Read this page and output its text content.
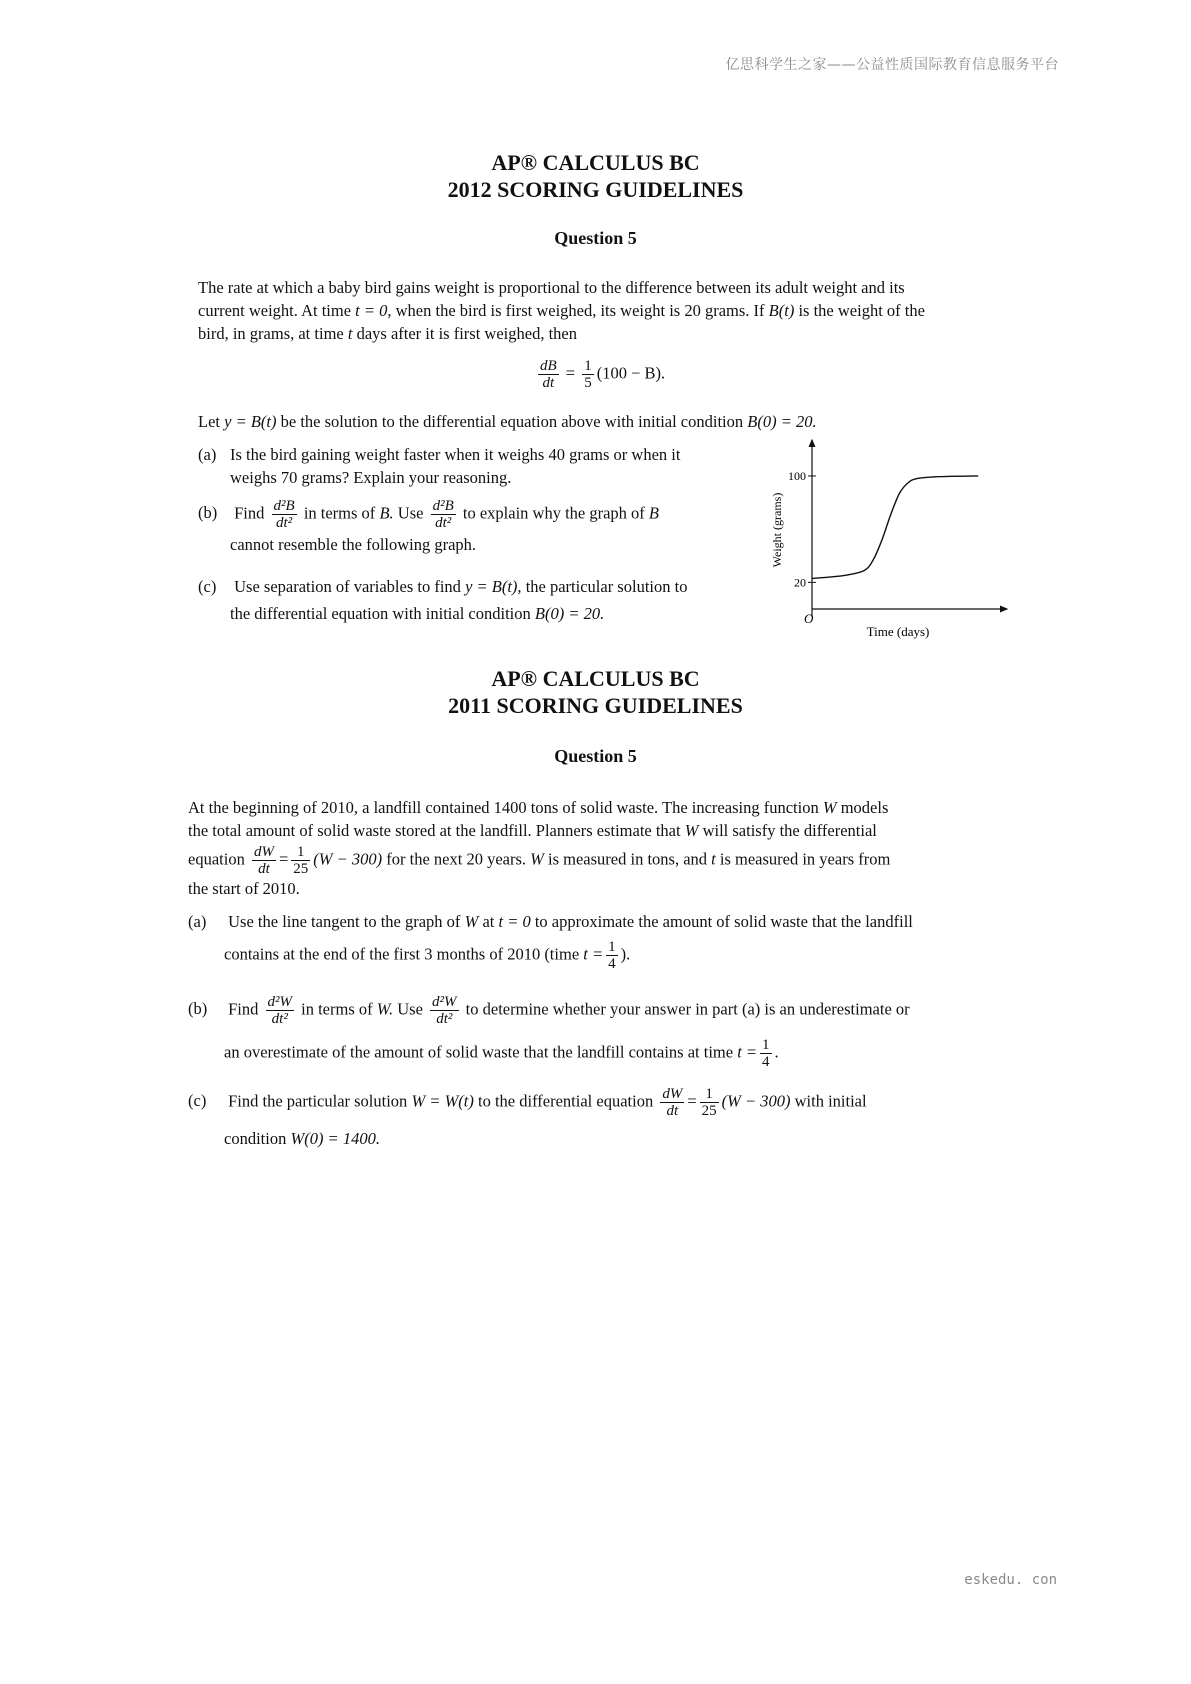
亿思科学生之家——公益性质国际教育信息服务平台
eskedu. con
AP® CALCULUS BC
2012 SCORING GUIDELINES
Question 5
The rate at which a baby bird gains weight is proportional to the difference between its adult weight and its
current weight. At time t = 0, when the bird is first weighed, its weight is 20 grams. If B(t) is the weight of the
bird, in grams, at time t days after it is first weighed, then
$\frac{dB}{dt} = \frac{1}{5} (100 - B)$.
Let y = B(t) be the solution to the differential equation above with initial condition B(0) = 20.
(a) Is the bird gaining weight faster when it weighs 40 grams or when it
weighs 70 grams? Explain your reasoning.
(b) Find $\frac{\text{d²B}}{\text{dt²}}$ in terms of B. Use $\frac{\text{d²B}}{\text{dt²}}$ to explain why the graph of B
cannot resemble the following graph.
(c) Use separation of variables to find y = B(t), the particular solution to
the differential equation with initial condition B(0) = 20.
100
20
O
Time (days)
Weight (grams)
AP® CALCULUS BC
2011 SCORING GUIDELINES
Question 5
At the beginning of 2010, a landfill contained 1400 tons of solid waste. The increasing function W models
the total amount of solid waste stored at the landfill. Planners estimate that W will satisfy the differential
equation $\frac{dW}{dt} = \frac{1}{25} (W - 300)$ for the next 20 years. W is measured in tons, and t is measured in years from
the start of 2010.
(a) Use the line tangent to the graph of W at t = 0 to approximate the amount of solid waste that the landfill
contains at the end of the first 3 months of 2010 (time $t = \frac{1}{4}$ ).
(b) Find $\frac{\text{d²W}}{\text{dt²}}$ in terms of W. Use $\frac{\text{d²W}}{\text{dt²}}$ to determine whether your answer in part (a) is an underestimate or
an overestimate of the amount of solid waste that the landfill contains at time $t = \frac{1}{4}$ .
(c) Find the particular solution W = W(t) to the differential equation $\frac{dW}{dt} = \frac{1}{25} (W - 300)$ with initial
condition W(0) = 1400.
